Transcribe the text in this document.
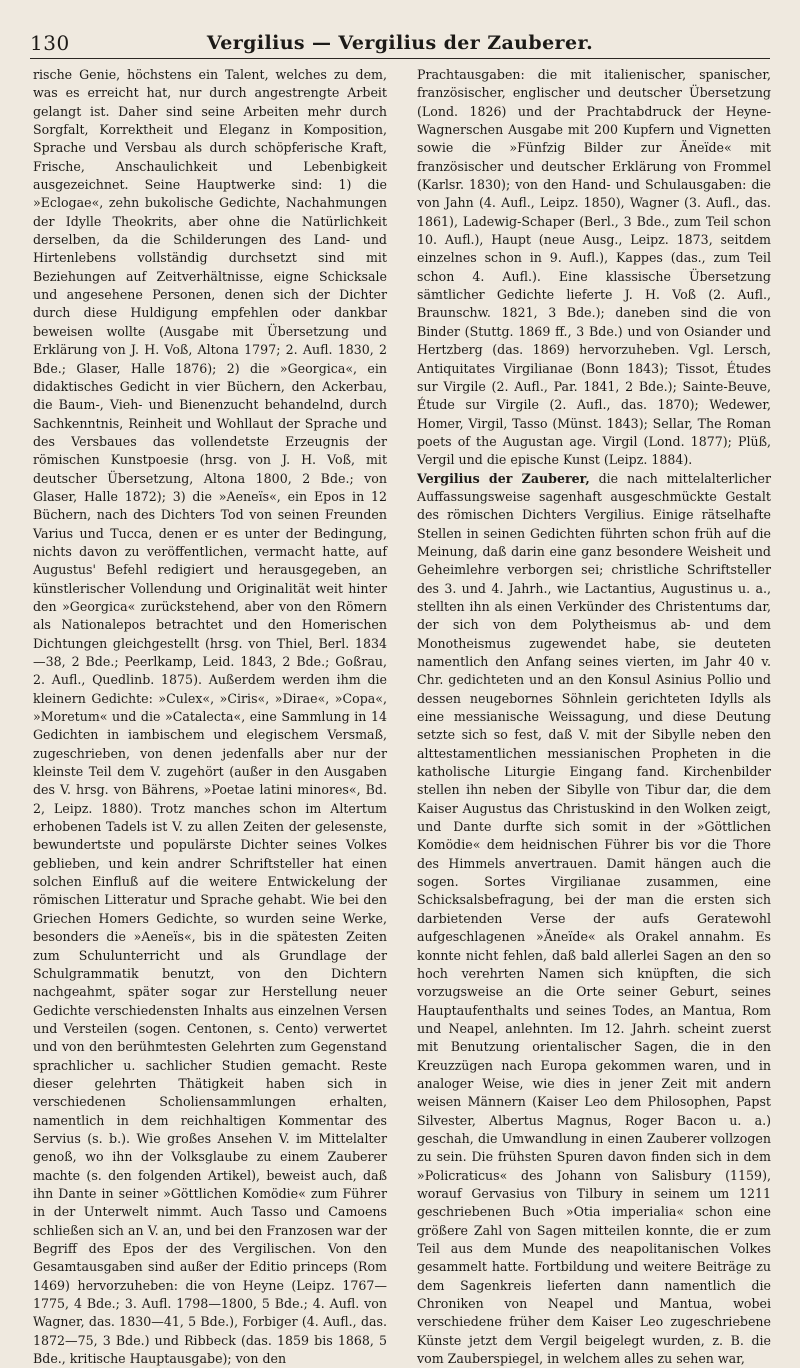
130	Vergilius — Vergilius der Zauberer.

rische Genie, höchstens ein Talent, welches zu dem, was es erreicht hat, nur durch angestrengte Arbeit gelangt ist. Daher sind seine Arbeiten mehr durch Sorgfalt, Korrektheit und Eleganz in Komposition, Sprache und Versbau als durch schöpferische Kraft, Frische, Anschaulichkeit und Lebenbigkeit ausgezeichnet. Seine Hauptwerke sind: 1) die »Eclogae«, zehn bukolische Gedichte, Nachahmungen der Idylle Theokrits, aber ohne die Natürlichkeit derselben, da die Schilderungen des Land- und Hirtenlebens vollständig durchsetzt sind mit Beziehungen auf Zeitverhältnisse, eigne Schicksale und angesehene Personen, denen sich der Dichter durch diese Huldigung empfehlen oder dankbar beweisen wollte (Ausgabe mit Übersetzung und Erklärung von J. H. Voß, Altona 1797; 2. Aufl. 1830, 2 Bde.; Glaser, Halle 1876); 2) die »Georgica«, ein didaktisches Gedicht in vier Büchern, den Ackerbau, die Baum-, Vieh- und Bienenzucht behandelnd, durch Sachkenntnis, Reinheit und Wohllaut der Sprache und des Versbaues das vollendetste Erzeugnis der römischen Kunstpoesie (hrsg. von J. H. Voß, mit deutscher Übersetzung, Altona 1800, 2 Bde.; von Glaser, Halle 1872); 3) die »Aeneïs«, ein Epos in 12 Büchern, nach des Dichters Tod von seinen Freunden Varius und Tucca, denen er es unter der Bedingung, nichts davon zu veröffentlichen, vermacht hatte, auf Augustus' Befehl redigiert und herausgegeben, an künstlerischer Vollendung und Originalität weit hinter den »Georgica« zurückstehend, aber von den Römern als Nationalepos betrachtet und den Homerischen Dichtungen gleichgestellt (hrsg. von Thiel, Berl. 1834—38, 2 Bde.; Peerlkamp, Leid. 1843, 2 Bde.; Goßrau, 2. Aufl., Quedlinb. 1875). Außerdem werden ihm die kleinern Gedichte: »Culex«, »Ciris«, »Dirae«, »Copa«, »Moretum« und die »Catalecta«, eine Sammlung in 14 Gedichten in iambischem und elegischem Versmaß, zugeschrieben, von denen jedenfalls aber nur der kleinste Teil dem V. zugehört (außer in den Ausgaben des V. hrsg. von Bährens, »Poetae latini minores«, Bd. 2, Leipz. 1880). Trotz manches schon im Altertum erhobenen Tadels ist V. zu allen Zeiten der gelesenste, bewundertste und populärste Dichter seines Volkes geblieben, und kein andrer Schriftsteller hat einen solchen Einfluß auf die weitere Entwickelung der römischen Litteratur und Sprache gehabt. Wie bei den Griechen Homers Gedichte, so wurden seine Werke, besonders die »Aeneïs«, bis in die spätesten Zeiten zum Schulunterricht und als Grundlage der Schulgrammatik benutzt, von den Dichtern nachgeahmt, später sogar zur Herstellung neuer Gedichte verschiedensten Inhalts aus einzelnen Versen und Versteilen (sogen. Centonen, s. Cento) verwertet und von den berühmtesten Gelehrten zum Gegenstand sprachlicher u. sachlicher Studien gemacht. Reste dieser gelehrten Thätigkeit haben sich in verschiedenen Scholiensammlungen erhalten, namentlich in dem reichhaltigen Kommentar des Servius (s. b.). Wie großes Ansehen V. im Mittelalter genoß, wo ihn der Volksglaube zu einem Zauberer machte (s. den folgenden Artikel), beweist auch, daß ihn Dante in seiner »Göttlichen Komödie« zum Führer in der Unterwelt nimmt. Auch Tasso und Camoens schließen sich an V. an, und bei den Franzosen war der Begriff des Epos der des Vergilischen. Von den Gesamtausgaben sind außer der Editio princeps (Rom 1469) hervorzuheben: die von Heyne (Leipz. 1767—1775, 4 Bde.; 3. Aufl. 1798—1800, 5 Bde.; 4. Aufl. von Wagner, das. 1830—41, 5 Bde.), Forbiger (4. Aufl., das. 1872—75, 3 Bde.) und Ribbeck (das. 1859 bis 1868, 5 Bde., kritische Hauptausgabe); von den

Prachtausgaben: die mit italienischer, spanischer, französischer, englischer und deutscher Übersetzung (Lond. 1826) und der Prachtabdruck der Heyne-Wagnerschen Ausgabe mit 200 Kupfern und Vignetten sowie die »Fünfzig Bilder zur Äneïde« mit französischer und deutscher Erklärung von Frommel (Karlsr. 1830); von den Hand- und Schulausgaben: die von Jahn (4. Aufl., Leipz. 1850), Wagner (3. Aufl., das. 1861), Ladewig-Schaper (Berl., 3 Bde., zum Teil schon 10. Aufl.), Haupt (neue Ausg., Leipz. 1873, seitdem einzelnes schon in 9. Aufl.), Kappes (das., zum Teil schon 4. Aufl.). Eine klassische Übersetzung sämtlicher Gedichte lieferte J. H. Voß (2. Aufl., Braunschw. 1821, 3 Bde.); daneben sind die von Binder (Stuttg. 1869 ff., 3 Bde.) und von Osiander und Hertzberg (das. 1869) hervorzuheben. Vgl. Lersch, Antiquitates Virgilianae (Bonn 1843); Tissot, Études sur Virgile (2. Aufl., Par. 1841, 2 Bde.); Sainte-Beuve, Étude sur Virgile (2. Aufl., das. 1870); Wedewer, Homer, Virgil, Tasso (Münst. 1843); Sellar, The Roman poets of the Augustan age. Virgil (Lond. 1877); Plüß, Vergil und die epische Kunst (Leipz. 1884).

Vergilius der Zauberer, die nach mittelalterlicher Auffassungsweise sagenhaft ausgeschmückte Gestalt des römischen Dichters Vergilius. Einige rätselhafte Stellen in seinen Gedichten führten schon früh auf die Meinung, daß darin eine ganz besondere Weisheit und Geheimlehre verborgen sei; christliche Schriftsteller des 3. und 4. Jahrh., wie Lactantius, Augustinus u. a., stellten ihn als einen Verkünder des Christentums dar, der sich von dem Polytheismus ab- und dem Monotheismus zugewendet habe, sie deuteten namentlich den Anfang seines vierten, im Jahr 40 v. Chr. gedichteten und an den Konsul Asinius Pollio und dessen neugebornes Söhnlein gerichteten Idylls als eine messianische Weissagung, und diese Deutung setzte sich so fest, daß V. mit der Sibylle neben den alttestamentlichen messianischen Propheten in die katholische Liturgie Eingang fand. Kirchenbilder stellen ihn neben der Sibylle von Tibur dar, die dem Kaiser Augustus das Christuskind in den Wolken zeigt, und Dante durfte sich somit in der »Göttlichen Komödie« dem heidnischen Führer bis vor die Thore des Himmels anvertrauen. Damit hängen auch die sogen. Sortes Virgilianae zusammen, eine Schicksalsbefragung, bei der man die ersten sich darbietenden Verse der aufs Geratewohl aufgeschlagenen »Äneïde« als Orakel annahm. Es konnte nicht fehlen, daß bald allerlei Sagen an den so hoch verehrten Namen sich knüpften, die sich vorzugsweise an die Orte seiner Geburt, seines Hauptaufenthalts und seines Todes, an Mantua, Rom und Neapel, anlehnten. Im 12. Jahrh. scheint zuerst mit Benutzung orientalischer Sagen, die in den Kreuzzügen nach Europa gekommen waren, und in analoger Weise, wie dies in jener Zeit mit andern weisen Männern (Kaiser Leo dem Philosophen, Papst Silvester, Albertus Magnus, Roger Bacon u. a.) geschah, die Umwandlung in einen Zauberer vollzogen zu sein. Die frühsten Spuren davon finden sich in dem »Policraticus« des Johann von Salisbury (1159), worauf Gervasius von Tilbury in seinem um 1211 geschriebenen Buch »Otia imperialia« schon eine größere Zahl von Sagen mitteilen konnte, die er zum Teil aus dem Munde des neapolitanischen Volkes gesammelt hatte. Fortbildung und weitere Beiträge zu dem Sagenkreis lieferten dann namentlich die Chroniken von Neapel und Mantua, wobei verschiedene früher dem Kaiser Leo zugeschriebene Künste jetzt dem Vergil beigelegt wurden, z. B. die vom Zauberspiegel, in welchem alles zu sehen war,
